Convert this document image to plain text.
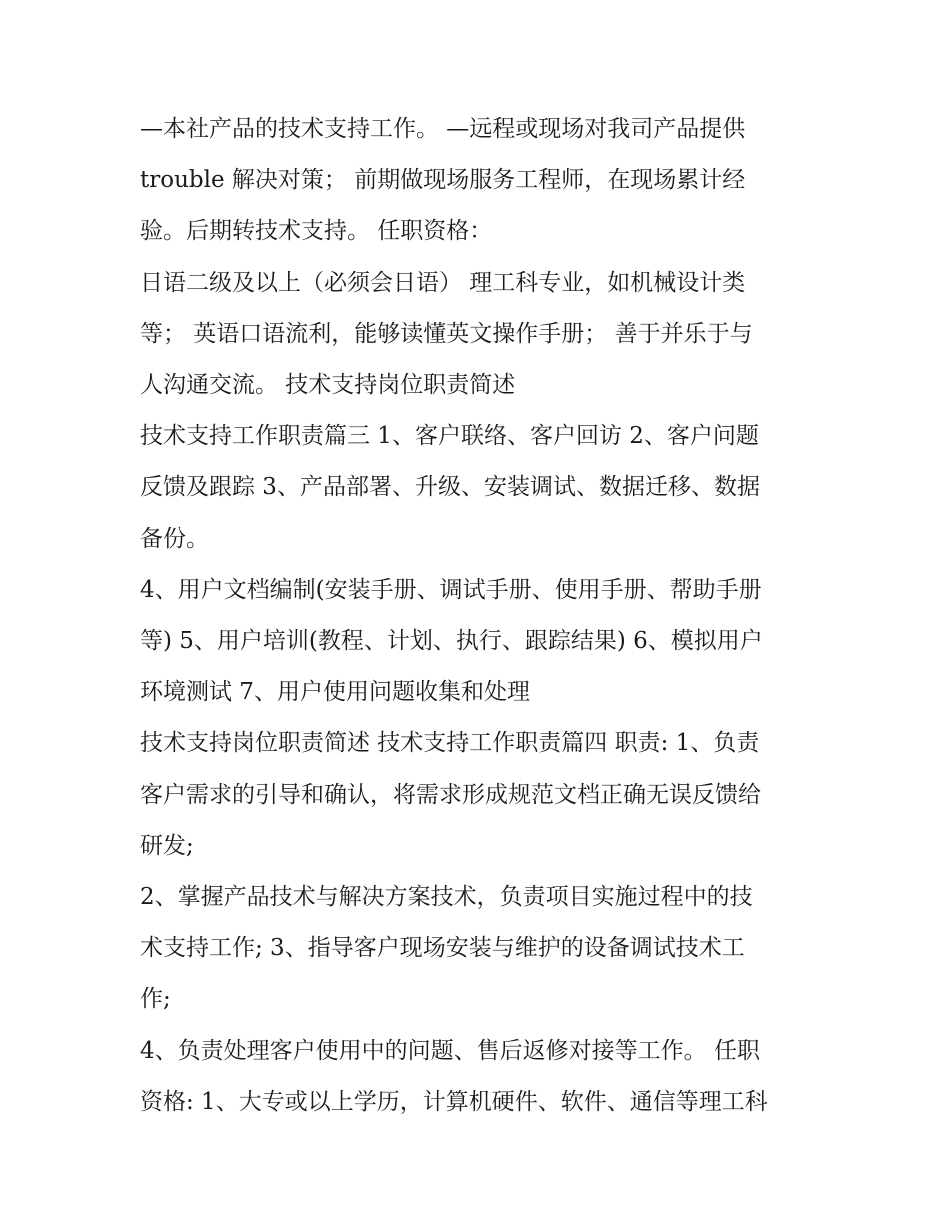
—本社产品的技术支持工作。 —远程或现场对我司产品提供
trouble 解决对策； 前期做现场服务工程师，在现场累计经
验。后期转技术支持。 任职资格：

日语二级及以上（必须会日语） 理工科专业，如机械设计类
等； 英语口语流利，能够读懂英文操作手册； 善于并乐于与
人沟通交流。 技术支持岗位职责简述

技术支持工作职责篇三 1、客户联络、客户回访 2、客户问题
反馈及跟踪 3、产品部署、升级、安装调试、数据迁移、数据
备份。

4、用户文档编制(安装手册、调试手册、使用手册、帮助手册
等) 5、用户培训(教程、计划、执行、跟踪结果) 6、模拟用户
环境测试 7、用户使用问题收集和处理

技术支持岗位职责简述 技术支持工作职责篇四 职责: 1、负责
客户需求的引导和确认，将需求形成规范文档正确无误反馈给
研发;

2、掌握产品技术与解决方案技术，负责项目实施过程中的技
术支持工作; 3、指导客户现场安装与维护的设备调试技术工
作;

4、负责处理客户使用中的问题、售后返修对接等工作。 任职
资格: 1、大专或以上学历，计算机硬件、软件、通信等理工科
